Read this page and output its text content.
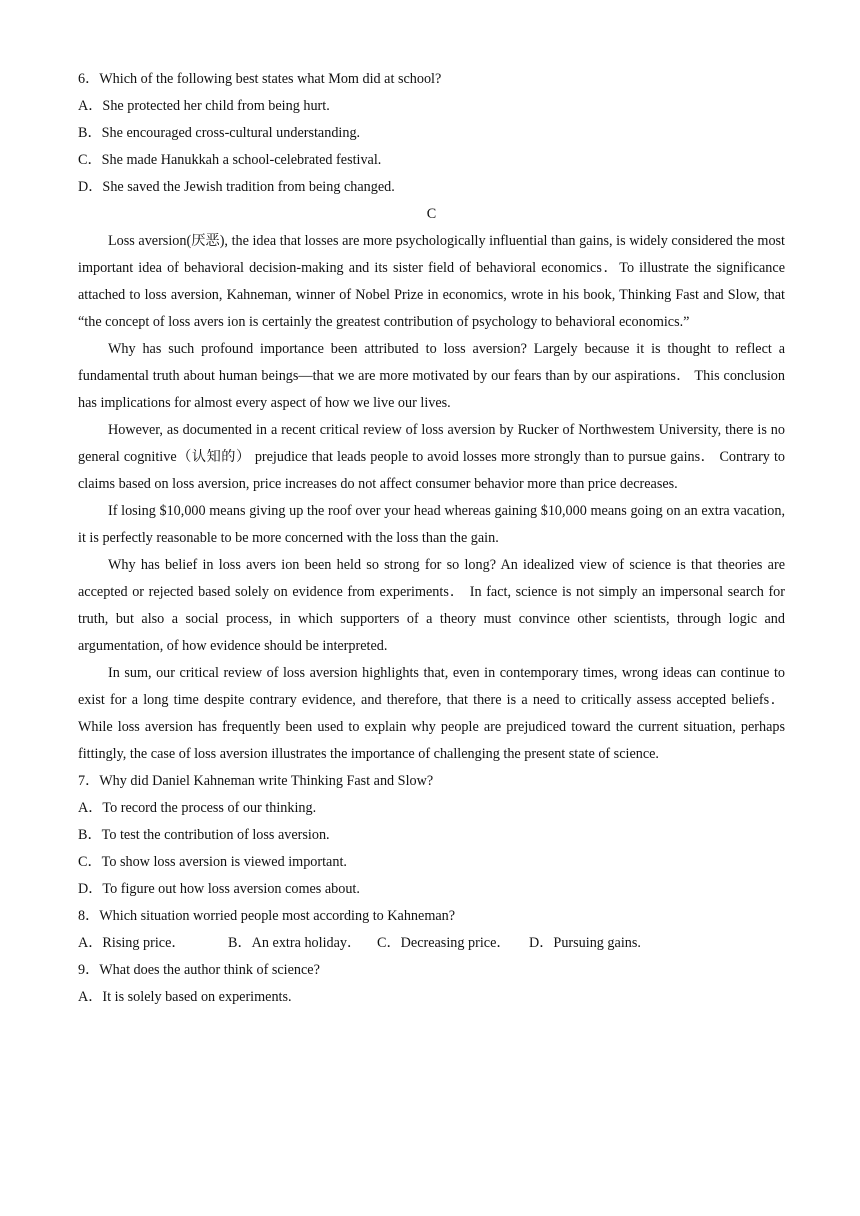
6．Which of the following best states what Mom did at school?
A．She protected her child from being hurt.
B．She encouraged cross-cultural understanding.
C．She made Hanukkah a school-celebrated festival.
D．She saved the Jewish tradition from being changed.
C

Loss aversion(厌恶), the idea that losses are more psychologically influential than gains, is widely considered the most important idea of behavioral decision-making and its sister field of behavioral economics．To illustrate the significance attached to loss aversion, Kahneman, winner of Nobel Prize in economics, wrote in his book, Thinking Fast and Slow, that “the concept of loss avers ion is certainly the greatest contribution of psychology to behavioral economics.”

Why has such profound importance been attributed to loss aversion? Largely because it is thought to reflect a fundamental truth about human beings—that we are more motivated by our fears than by our aspirations． This conclusion has implications for almost every aspect of how we live our lives.

However, as documented in a recent critical review of loss aversion by Rucker of Northwestem University, there is no general cognitive（认知的） prejudice that leads people to avoid losses more strongly than to pursue gains． Contrary to claims based on loss aversion, price increases do not affect consumer behavior more than price decreases.

If losing $10,000 means giving up the roof over your head whereas gaining $10,000 means going on an extra vacation, it is perfectly reasonable to be more concerned with the loss than the gain.

Why has belief in loss avers ion been held so strong for so long? An idealized view of science is that theories are accepted or rejected based solely on evidence from experiments． In fact, science is not simply an impersonal search for truth, but also a social process, in which supporters of a theory must convince other scientists, through logic and argumentation, of how evidence should be interpreted.

In sum, our critical review of loss aversion highlights that, even in contemporary times, wrong ideas can continue to exist for a long time despite contrary evidence, and therefore, that there is a need to critically assess accepted beliefs． While loss aversion has frequently been used to explain why people are prejudiced toward the current situation, perhaps fittingly, the case of loss aversion illustrates the importance of challenging the present state of science.

7．Why did Daniel Kahneman write Thinking Fast and Slow?
A．To record the process of our thinking.
B．To test the contribution of loss aversion.
C．To show loss aversion is viewed important.
D．To figure out how loss aversion comes about.
8．Which situation worried people most according to Kahneman?
A．Rising price．	B．An extra holiday． C．Decreasing price． D．Pursuing gains.
9．What does the author think of science?
A．It is solely based on experiments.
